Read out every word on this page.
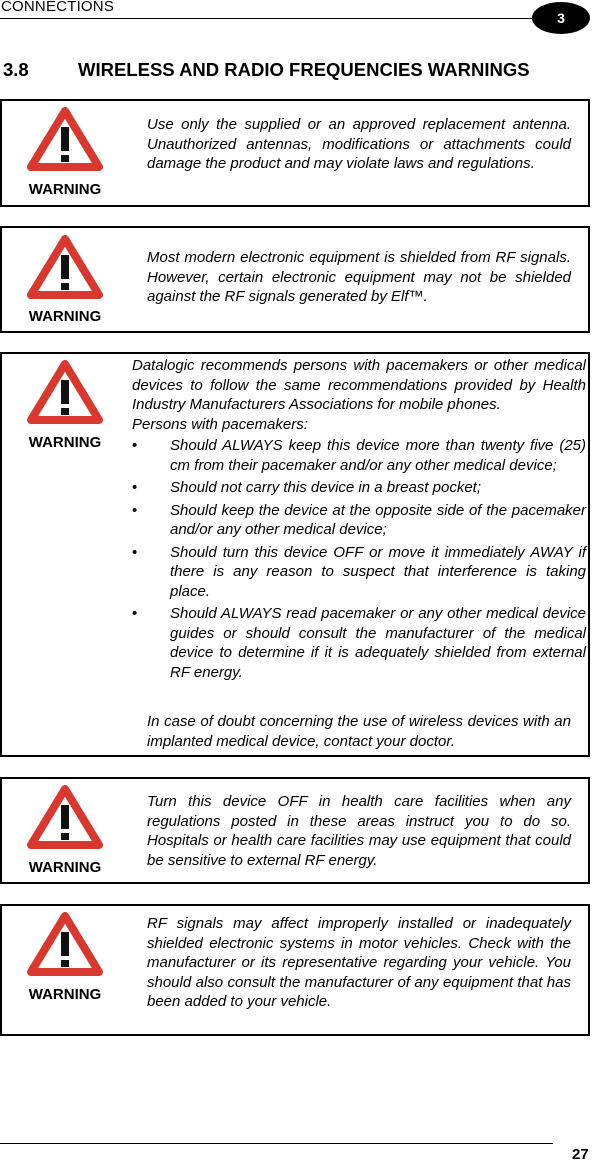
CONNECTIONS
3
3.8	WIRELESS AND RADIO FREQUENCIES WARNINGS
WARNING

Use only the supplied or an approved replacement antenna. Unauthorized antennas, modifications or attachments could damage the product and may violate laws and regulations.

WARNING

Most modern electronic equipment is shielded from RF signals. However, certain electronic equipment may not be shielded against the RF signals generated by Elf™.

WARNING

Datalogic recommends persons with pacemakers or other medical devices to follow the same recommendations provided by Health Industry Manufacturers Associations for mobile phones.

Persons with pacemakers:

• Should ALWAYS keep this device more than twenty five (25) cm from their pacemaker and/or any other medical device;
• Should not carry this device in a breast pocket;
• Should keep the device at the opposite side of the pacemaker and/or any other medical device;
• Should turn this device OFF or move it immediately AWAY if there is any reason to suspect that interference is taking place.
• Should ALWAYS read pacemaker or any other medical device guides or should consult the manufacturer of the medical device to determine if it is adequately shielded from external RF energy.

In case of doubt concerning the use of wireless devices with an implanted medical device, contact your doctor.

WARNING

Turn this device OFF in health care facilities when any regulations posted in these areas instruct you to do so. Hospitals or health care facilities may use equipment that could be sensitive to external RF energy.

WARNING

RF signals may affect improperly installed or inadequately shielded electronic systems in motor vehicles. Check with the manufacturer or its representative regarding your vehicle. You should also consult the manufacturer of any equipment that has been added to your vehicle.

27
